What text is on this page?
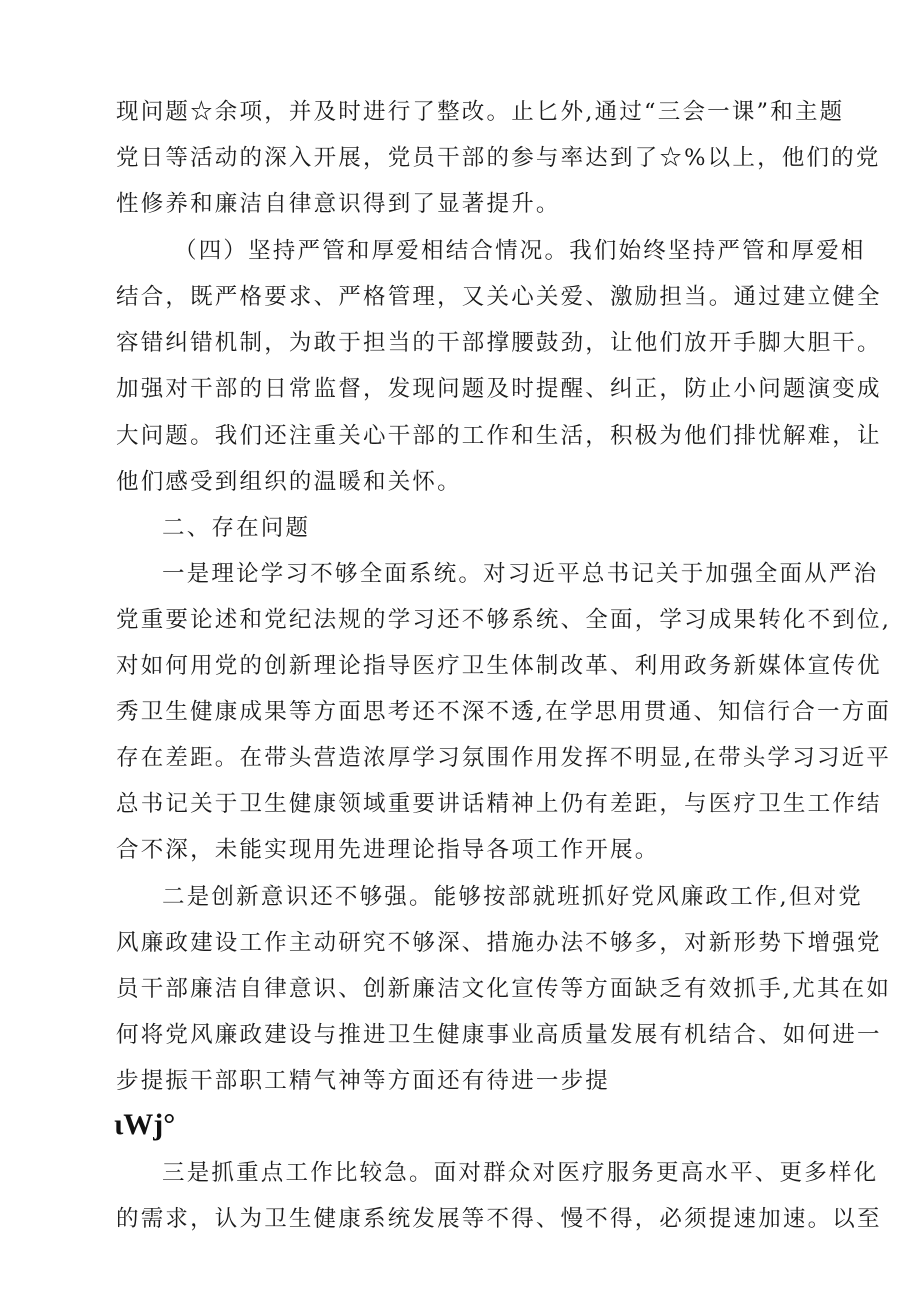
现问题☆余项，并及时进行了整改。止匕外,通过“三会一课”和主题
党日等活动的深入开展，党员干部的参与率达到了☆%以上，他们的党
性修养和廉洁自律意识得到了显著提升。
（四）坚持严管和厚爱相结合情况。我们始终坚持严管和厚爱相
结合，既严格要求、严格管理，又关心关爱、激励担当。通过建立健全
容错纠错机制，为敢于担当的干部撑腰鼓劲，让他们放开手脚大胆干。
加强对干部的日常监督，发现问题及时提醒、纠正，防止小问题演变成
大问题。我们还注重关心干部的工作和生活，积极为他们排忧解难，让
他们感受到组织的温暖和关怀。
二、存在问题
一是理论学习不够全面系统。对习近平总书记关于加强全面从严治
党重要论述和党纪法规的学习还不够系统、全面，学习成果转化不到位,
对如何用党的创新理论指导医疗卫生体制改革、利用政务新媒体宣传优
秀卫生健康成果等方面思考还不深不透,在学思用贯通、知信行合一方面
存在差距。在带头营造浓厚学习氛围作用发挥不明显,在带头学习习近平
总书记关于卫生健康领域重要讲话精神上仍有差距，与医疗卫生工作结
合不深，未能实现用先进理论指导各项工作开展。
二是创新意识还不够强。能够按部就班抓好党风廉政工作,但对党
风廉政建设工作主动研究不够深、措施办法不够多，对新形势下增强党
员干部廉洁自律意识、创新廉洁文化宣传等方面缺乏有效抓手,尤其在如
何将党风廉政建设与推进卫生健康事业高质量发展有机结合、如何进一
步提振干部职工精气神等方面还有待进一步提
ιWj°
三是抓重点工作比较急。面对群众对医疗服务更高水平、更多样化
的需求，认为卫生健康系统发展等不得、慢不得，必须提速加速。以至
